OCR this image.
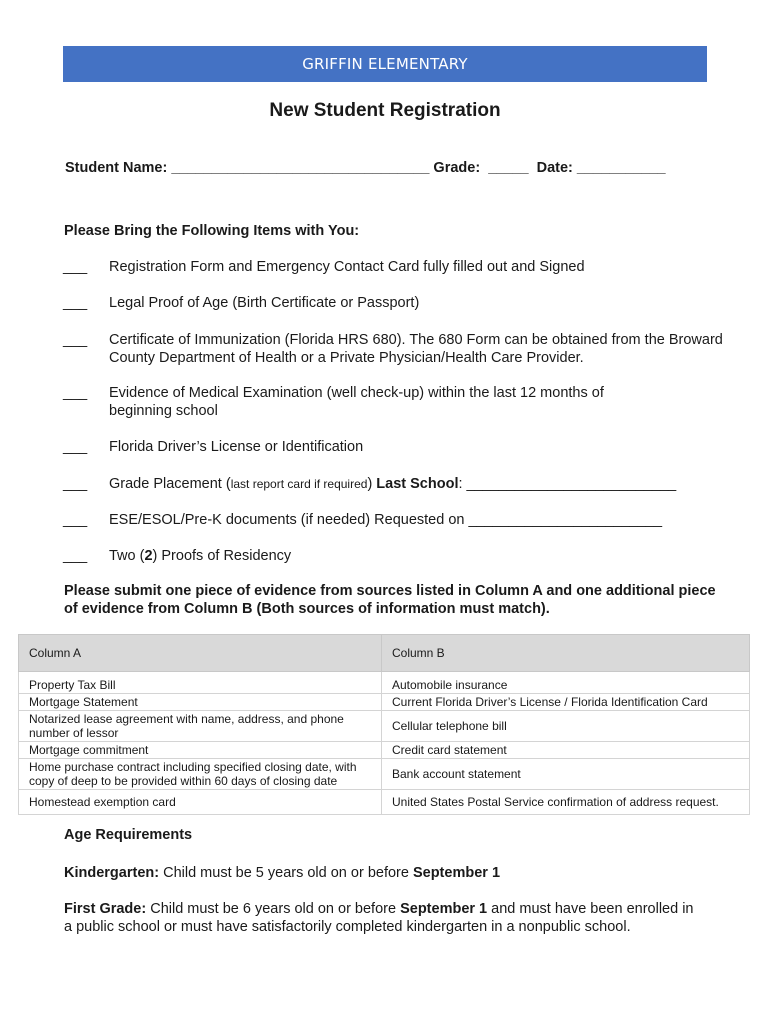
GRIFFIN ELEMENTARY
New Student Registration
Student Name: ________________________________ Grade:  _____  Date: ___________
Please Bring the Following Items with You:
___	Registration Form and Emergency Contact Card fully filled out and Signed
___	Legal Proof of Age (Birth Certificate or Passport)
___	Certificate of Immunization (Florida HRS 680). The 680 Form can be obtained from the Broward County Department of Health or a Private Physician/Health Care Provider.
___	Evidence of Medical Examination (well check-up) within the last 12 months of beginning school
___	Florida Driver’s License or Identification
___	Grade Placement (last report card if required) Last School: __________________________
___	ESE/ESOL/Pre-K documents (if needed) Requested on ________________________
___	Two (2) Proofs of Residency
Please submit one piece of evidence from sources listed in Column A and one additional piece of evidence from Column B (Both sources of information must match).
Column A	Column B
Property Tax Bill	Automobile insurance
Mortgage Statement	Current Florida Driver’s License / Florida Identification Card
Notarized lease agreement with name, address, and phone number of lessor	Cellular telephone bill
Mortgage commitment	Credit card statement
Home purchase contract including specified closing date, with copy of deep to be provided within 60 days of closing date	Bank account statement
Homestead exemption card	United States Postal Service confirmation of address request.
Age Requirements
Kindergarten: Child must be 5 years old on or before September 1
First Grade: Child must be 6 years old on or before September 1 and must have been enrolled in a public school or must have satisfactorily completed kindergarten in a nonpublic school.
